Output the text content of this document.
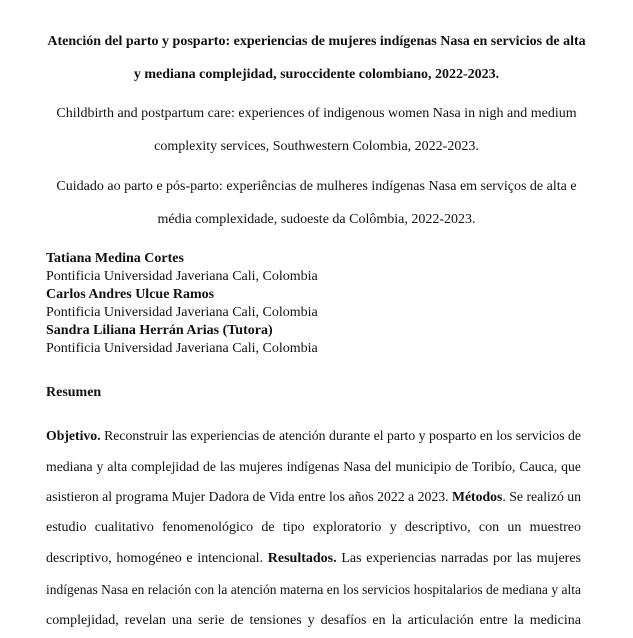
Atención del parto y posparto: experiencias de mujeres indígenas Nasa en servicios de alta
y mediana complejidad, suroccidente colombiano, 2022-2023.
Childbirth and postpartum care: experiences of indigenous women Nasa in nigh and medium
complexity services, Southwestern Colombia, 2022-2023.
Cuidado ao parto e pós-parto: experiências de mulheres indígenas Nasa em serviços de alta e
média complexidade, sudoeste da Colômbia, 2022-2023.
Tatiana Medina Cortes
Pontificia Universidad Javeriana Cali, Colombia
Carlos Andres Ulcue Ramos
Pontificia Universidad Javeriana Cali, Colombia
Sandra Liliana Herrán Arias (Tutora)
Pontificia Universidad Javeriana Cali, Colombia
Resumen
Objetivo. Reconstruir las experiencias de atención durante el parto y posparto en los servicios de
mediana y alta complejidad de las mujeres indígenas Nasa del municipio de Toribío, Cauca, que
asistieron al programa Mujer Dadora de Vida entre los años 2022 a 2023. Métodos. Se realizó un
estudio cualitativo fenomenológico de tipo exploratorio y descriptivo, con un muestreo
descriptivo, homogéneo e intencional. Resultados. Las experiencias narradas por las mujeres
indígenas Nasa en relación con la atención materna en los servicios hospitalarios de mediana y alta
complejidad, revelan una serie de tensiones y desafíos en la articulación entre la medicina
